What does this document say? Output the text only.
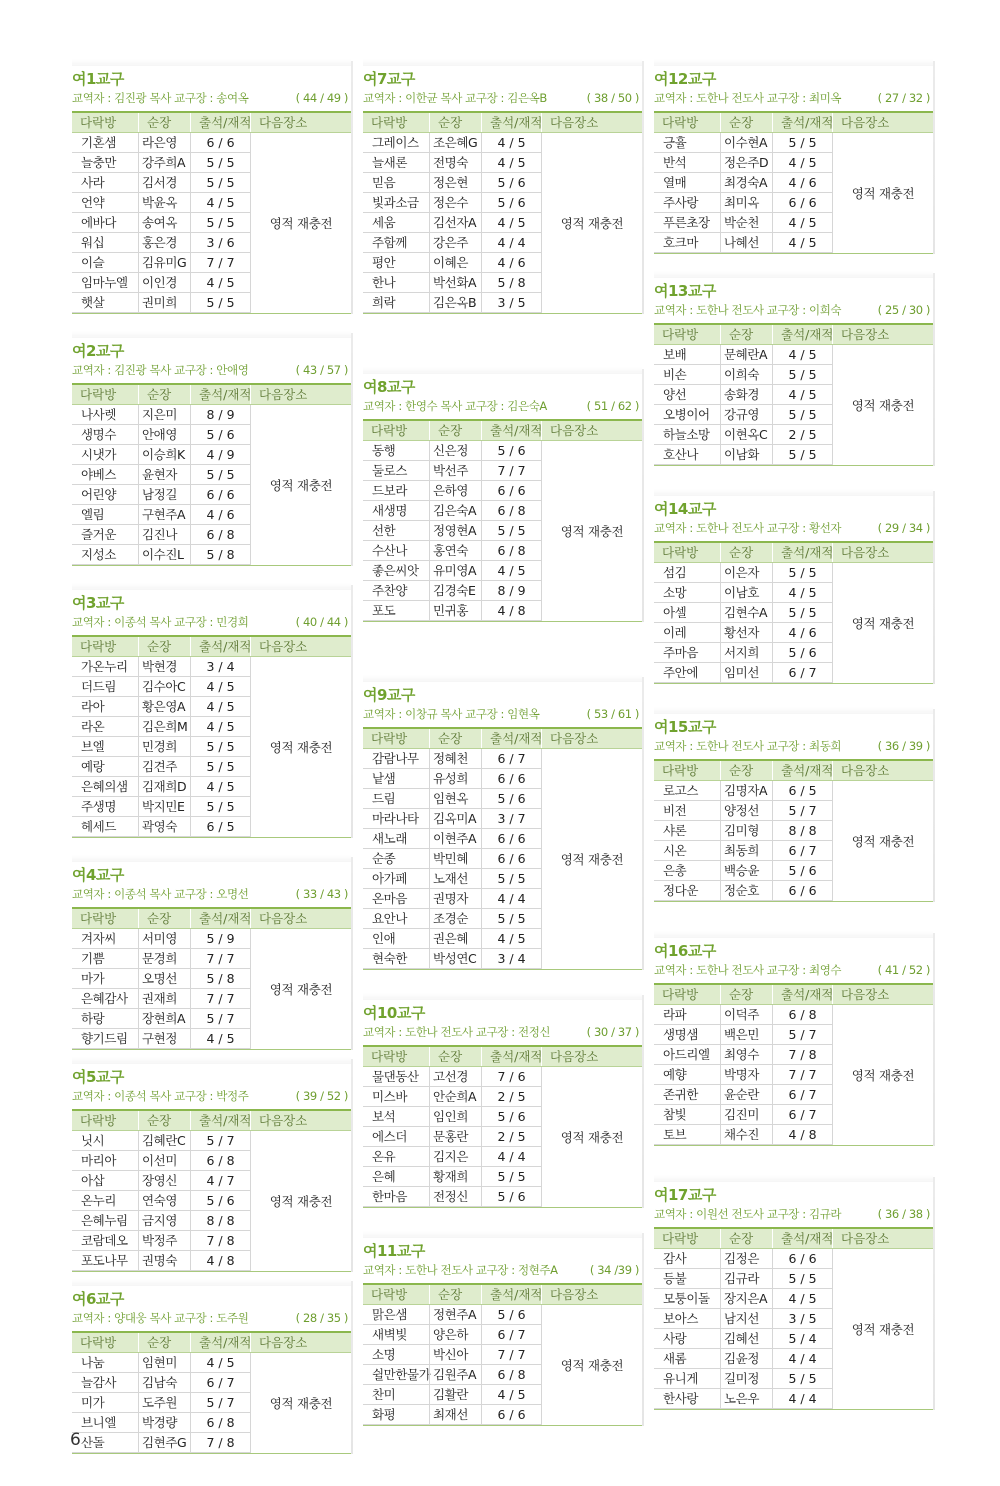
여1교구
교역자 : 김진광 목사 교구장 : 송여옥	( 44 / 49 )
다락방	순장	출석/재적 다음장소
기혼샘	라은영	6 / 6
늘충만	강주희A	5 / 5
사라	김서경	5 / 5
언약	박윤옥	4 / 5
에바다	송여옥	5 / 5
워십	홍은경	3 / 6
이슬	김유미G	7 / 7
임마누엘	이인경	4 / 5
햇살	권미희	5 / 5
영적 재충전
여2교구
교역자 : 김진광 목사 교구장 : 안애영	( 43 / 57 )
다락방	순장	출석/재적 다음장소
나사렛	지은미	8 / 9
생명수	안애영	5 / 6
시냇가	이승희K	4 / 9
야베스	윤현자	5 / 5
어린양	남정길	6 / 6
엘림	구현주A	4 / 6
즐거운	김진나	6 / 8
지성소	이수진L	5 / 8
영적 재충전
여3교구
교역자 : 이종석 목사 교구장 : 민경희	( 40 / 44 )
다락방	순장	출석/재적 다음장소
가온누리	박현경	3 / 4
더드림	김수아C	4 / 5
라아	황은영A	4 / 5
라온	김은희M	4 / 5
브엘	민경희	5 / 5
예랑	김견주	5 / 5
은혜의샘	김재희D	4 / 5
주생명	박지민E	5 / 5
헤세드	곽영숙	6 / 5
영적 재충전
여4교구
교역자 : 이종석 목사 교구장 : 오명선	( 33 / 43 )
다락방	순장	출석/재적 다음장소
겨자씨	서미영	5 / 9
기쁨	문경희	7 / 7
마가	오명선	5 / 8
은혜감사	권재희	7 / 7
하랑	장현희A	5 / 7
향기드림	구현정	4 / 5
영적 재충전
여5교구
교역자 : 이종석 목사 교구장 : 박정주	( 39 / 52 )
다락방	순장	출석/재적 다음장소
닛시	김혜란C	5 / 7
마리아	이선미	6 / 8
아삽	장영신	4 / 7
온누리	연숙영	5 / 6
은혜누림	금지영	8 / 8
코람데오	박정주	7 / 8
포도나무	권명숙	4 / 8
영적 재충전
여6교구
교역자 : 양대웅 목사 교구장 : 도주원	( 28 / 35 )
다락방	순장	출석/재적 다음장소
나눔	임현미	4 / 5
늘감사	김남숙	6 / 7
미가	도주원	5 / 7
브니엘	박경량	6 / 8
산돌	김현주G	7 / 8
영적 재충전
여7교구
교역자 : 이한균 목사 교구장 : 김은옥B	( 38 / 50 )
다락방	순장	출석/재적 다음장소
그레이스	조은혜G	4 / 5
늘새론	전명숙	4 / 5
믿음	정은현	5 / 6
빛과소금	정은수	5 / 6
세움	김선자A	4 / 5
주함께	강은주	4 / 4
평안	이혜은	4 / 6
한나	박선화A	5 / 8
희락	김은옥B	3 / 5
영적 재충전
여8교구
교역자 : 한영수 목사 교구장 : 김은숙A	( 51 / 62 )
다락방	순장	출석/재적 다음장소
동행	신은정	5 / 6
둘로스	박선주	7 / 7
드보라	은하영	6 / 6
새생명	김은숙A	6 / 8
선한	정영현A	5 / 5
수산나	홍연숙	6 / 8
좋은씨앗	유미영A	4 / 5
주찬양	김경숙E	8 / 9
포도	민귀홍	4 / 8
영적 재충전
여9교구
교역자 : 이창규 목사 교구장 : 임현옥	( 53 / 61 )
다락방	순장	출석/재적 다음장소
감람나무	정혜천	6 / 7
낱샘	유성희	6 / 6
드림	임현옥	5 / 6
마라나타	김옥미A	3 / 7
새노래	이현주A	6 / 6
순종	박민혜	6 / 6
아가페	노재선	5 / 5
온마음	권명자	4 / 4
요안나	조경순	5 / 5
인애	권은혜	4 / 5
현숙한	박성연C	3 / 4
영적 재충전
여10교구
교역자 : 도한나 전도사 교구장 : 전정신	( 30 / 37 )
다락방	순장	출석/재적 다음장소
물댄동산	고선경	7 / 6
미스바	안순희A	2 / 5
보석	임인희	5 / 6
에스더	문홍란	2 / 5
온유	김지은	4 / 4
은혜	황재희	5 / 5
한마음	전정신	5 / 6
영적 재충전
여11교구
교역자 : 도한나 전도사 교구장 : 정현주A	( 34 /39 )
다락방	순장	출석/재적 다음장소
맑은샘	정현주A	5 / 6
새벽빛	양은하	6 / 7
소명	박신아	7 / 7
쉴만한물가 김원주A	6 / 8
찬미	김활란	4 / 5
화평	최재선	6 / 6
영적 재충전
여12교구
교역자 : 도한나 전도사 교구장 : 최미옥	( 27 / 32 )
다락방	순장	출석/재적 다음장소
긍휼	이수현A	5 / 5
반석	정은주D	4 / 5
열매	최경숙A	4 / 6
주사랑	최미옥	6 / 6
푸른초장	박순천	4 / 5
호크마	나혜선	4 / 5
영적 재충전
여13교구
교역자 : 도한나 전도사 교구장 : 이희숙	( 25 / 30 )
다락방	순장	출석/재적 다음장소
보배	문혜란A	4 / 5
비손	이희숙	5 / 5
양선	송화경	4 / 5
오병이어	강규영	5 / 5
하늘소망	이현옥C	2 / 5
호산나	이남화	5 / 5
영적 재충전
여14교구
교역자 : 도한나 전도사 교구장 : 황선자	( 29 / 34 )
다락방	순장	출석/재적 다음장소
섬김	이은자	5 / 5
소망	이남호	4 / 5
아셀	김현수A	5 / 5
이레	황선자	4 / 6
주마음	서지희	5 / 6
주안에	임미선	6 / 7
영적 재충전
여15교구
교역자 : 도한나 전도사 교구장 : 최동희	( 36 / 39 )
다락방	순장	출석/재적 다음장소
로고스	김명자A	6 / 5
비전	양정선	5 / 7
샤론	김미형	8 / 8
시온	최동희	6 / 7
은총	백승윤	5 / 6
정다운	정순호	6 / 6
영적 재충전
여16교구
교역자 : 도한나 전도사 교구장 : 최영수	( 41 / 52 )
다락방	순장	출석/재적 다음장소
라파	이덕주	6 / 8
생명샘	백은민	5 / 7
아드리엘	최영수	7 / 8
예향	박명자	7 / 7
존귀한	윤순란	6 / 7
참빛	김진미	6 / 7
토브	채수진	4 / 8
영적 재충전
여17교구
교역자 : 이원선 전도사 교구장 : 김규라	( 36 / 38 )
다락방	순장	출석/재적 다음장소
감사	김정은	6 / 6
등불	김규라	5 / 5
모퉁이돌	장지은A	4 / 5
보아스	남지선	3 / 5
사랑	김혜선	5 / 4
새롬	김윤정	4 / 4
유니게	길미정	5 / 5
한사랑	노은우	4 / 4
영적 재충전
6
